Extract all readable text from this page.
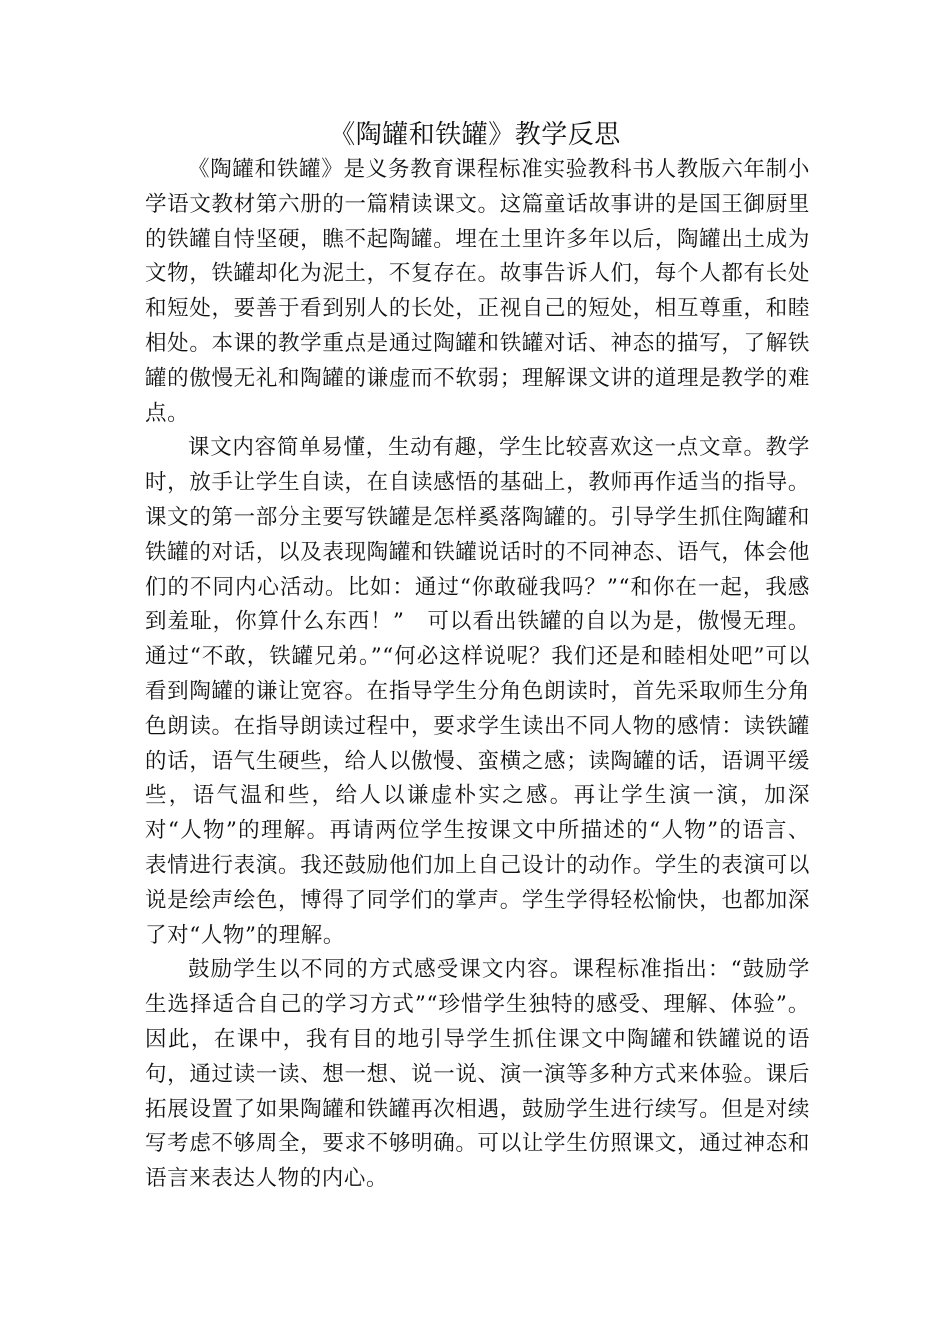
《陶罐和铁罐》教学反思

《陶罐和铁罐》是义务教育课程标准实验教科书人教版六年制小学语文教材第六册的一篇精读课文。这篇童话故事讲的是国王御厨里的铁罐自恃坚硬，瞧不起陶罐。埋在土里许多年以后，陶罐出土成为文物，铁罐却化为泥土，不复存在。故事告诉人们，每个人都有长处和短处，要善于看到别人的长处，正视自己的短处，相互尊重，和睦相处。本课的教学重点是通过陶罐和铁罐对话、神态的描写，了解铁罐的傲慢无礼和陶罐的谦虚而不软弱；理解课文讲的道理是教学的难点。

课文内容简单易懂，生动有趣，学生比较喜欢这一点文章。教学时，放手让学生自读，在自读感悟的基础上，教师再作适当的指导。课文的第一部分主要写铁罐是怎样奚落陶罐的。引导学生抓住陶罐和铁罐的对话，以及表现陶罐和铁罐说话时的不同神态、语气，体会他们的不同内心活动。比如：通过“你敢碰我吗？”“和你在一起，我感到羞耻，你算什么东西！”　可以看出铁罐的自以为是，傲慢无理。通过“不敢，铁罐兄弟。”“何必这样说呢？我们还是和睦相处吧”可以看到陶罐的谦让宽容。在指导学生分角色朗读时，首先采取师生分角色朗读。在指导朗读过程中，要求学生读出不同人物的感情：读铁罐的话，语气生硬些，给人以傲慢、蛮横之感；读陶罐的话，语调平缓些，语气温和些，给人以谦虚朴实之感。再让学生演一演，加深对“人物”的理解。再请两位学生按课文中所描述的“人物”的语言、表情进行表演。我还鼓励他们加上自己设计的动作。学生的表演可以说是绘声绘色，博得了同学们的掌声。学生学得轻松愉快，也都加深了对“人物”的理解。

鼓励学生以不同的方式感受课文内容。课程标准指出：“鼓励学生选择适合自己的学习方式”“珍惜学生独特的感受、理解、体验”。因此，在课中，我有目的地引导学生抓住课文中陶罐和铁罐说的语句，通过读一读、想一想、说一说、演一演等多种方式来体验。课后拓展设置了如果陶罐和铁罐再次相遇，鼓励学生进行续写。但是对续写考虑不够周全，要求不够明确。可以让学生仿照课文，通过神态和语言来表达人物的内心。
